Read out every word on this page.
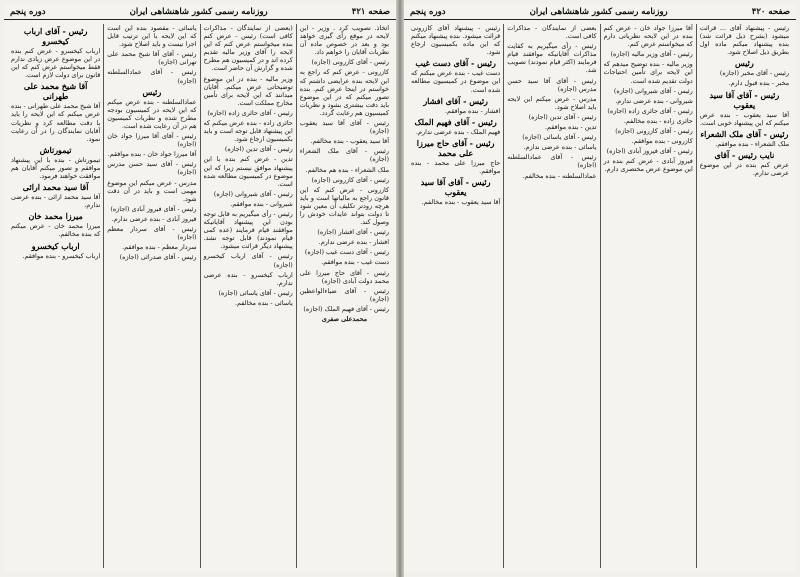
صفحه ۴۲۱
روزنامه رسمی کشور شاهنشاهی ایران
دوره پنجم

اتخاذ. تصویب کرد . وزیر - این لایحه در موقع رأی گیری خواهد بود و بعد در خصوص ماده آن نظریات آقایان را خواهم داد.

رئیس - آقای کازرونی (اجازه)

کازرونی - عرض کنم که راجع به این لایحه بنده عرایضی داشتم که خواستم در اینجا عرض کنم. بنده تصور میکنم که در این موضوع باید دقت بیشتری بشود و نظریات کمیسیون هم رعایت گردد.

رئیس - آقای آقا سید یعقوب (اجازه)

آقا سید یعقوب - بنده مخالفم.

رئیس - آقای ملک الشعراء (اجازه)

ملک الشعراء - بنده هم مخالفم.

رئیس - آقای کازرونی (اجازه)

کازرونی - عرض کنم که این قانون راجع به مالیاتها است و باید هرچه زودتر تکلیف آن معین شود تا دولت بتواند عایدات خودش را وصول کند.

رئیس - آقای افشار (اجازه)

افشار - بنده عرضی ندارم.

رئیس - آقای دست غیب (اجازه)

دست غیب - بنده موافقم.

رئیس - آقای حاج میرزا علی محمد دولت آبادی (اجازه)

رئیس - آقای ضیاءالواعظین (اجازه)

رئیس - آقای فهیم الملک (اجازه)

محمدعلی صفری

(بعضی از نمایندگان - مذاکرات کافی است) رئیس - عرض کنم بنده میخواستم عرض کنم که این لایحه را آقای وزیر مالیه تقدیم کرده اند و در کمیسیون هم مطرح شده و گزارش آن حاضر است.

وزیر مالیه - بنده در این موضوع توضیحاتی عرض میکنم. آقایان میدانند که این لایحه برای تأمین مخارج مملکت است.

رئیس - آقای حائری زاده (اجازه)

حائری زاده - بنده عرض میکنم که این پیشنهاد قابل توجه است و باید بکمیسیون ارجاع شود.

رئیس - آقای تدین (اجازه)

تدین - عرض کنم بنده با این پیشنهاد موافق نیستم زیرا که این موضوع در کمیسیون مطالعه شده است.

رئیس - آقای شیروانی (اجازه)

شیروانی - بنده موافقم.

رئیس - رأی میگیریم به قابل توجه بودن این پیشنهاد آقایانیکه موافقند قیام فرمایند (عده کمی قیام نمودند) قابل توجه نشد. پیشنهاد دیگر قرائت میشود.

رئیس - آقای ارباب کیخسرو (اجازه)

ارباب کیخسرو - بنده عرضی ندارم.

رئیس - آقای یاسائی (اجازه)

یاسائی - بنده مخالفم.

یاسائی - مقصود بنده این است که این لایحه با این ترتیب قابل اجرا نیست و باید اصلاح شود.

رئیس - آقای آقا شیخ محمد علی تهرانی (اجازه)

رئیس - آقای عمادالسلطنه (اجازه)

رئیس

عمادالسلطنه - بنده عرض میکنم که این لایحه در کمیسیون بودجه مطرح شده و نظریات کمیسیون هم در آن رعایت شده است.

رئیس - آقای آقا میرزا جواد خان (اجازه)

آقا میرزا جواد خان - بنده موافقم.

رئیس - آقای سید حسن مدرس (اجازه)

مدرس - عرض میکنم این موضوع مهمی است و باید در آن دقت شود.

رئیس - آقای فیروز آبادی (اجازه)

فیروز آبادی - بنده عرضی ندارم.

رئیس - آقای سردار معظم (اجازه)

سردار معظم - بنده موافقم.

رئیس - آقای صدرائی (اجازه)

رئیس - آقای ارباب کیخسرو

ارباب کیخسرو - عرض کنم بنده در این موضوع عرض زیادی ندارم فقط میخواستم عرض کنم که این قانون برای دولت لازم است.

آقا شیخ محمد علی طهرانی

آقا شیخ محمد علی طهرانی - بنده عرض میکنم که این لایحه را باید با دقت مطالعه کرد و نظریات آقایان نمایندگان را در آن رعایت نمود.

تیمورتاش

تیمورتاش - بنده با این پیشنهاد موافقم و تصور میکنم آقایان هم موافقت خواهند فرمود.

آقا سید محمد ارائی

آقا سید محمد ارائی - بنده عرضی ندارم.

میرزا محمد خان

میرزا محمد خان - عرض میکنم که بنده مخالفم.

ارباب کیخسرو

ارباب کیخسرو - بنده موافقم.

صفحه ۴۲۰
روزنامه رسمی کشور شاهنشاهی ایران
دوره پنجم

رئیس - پیشنهاد آقای ... قرائت میشود (بشرح ذیل قرائت شد) بنده پیشنهاد میکنم ماده اول بطریق ذیل اصلاح شود.

رئیس

رئیس - آقای مخبر (اجازه)

مخبر - بنده قبول دارم.

رئیس - آقای آقا سید یعقوب

آقا سید یعقوب - بنده عرض میکنم که این پیشنهاد خوبی است.

رئیس - آقای ملک الشعراء

ملک الشعراء - بنده موافقم.

نایب رئیس - آقای

عرض کنم بنده در این موضوع عرضی ندارم.

آقا میرزا جواد خان - عرض کنم بنده در این لایحه نظریاتی دارم که میخواستم عرض کنم.

رئیس - آقای وزیر مالیه (اجازه)

وزیر مالیه - بنده توضیح میدهم که این لایحه برای تأمین احتیاجات دولت تقدیم شده است.

رئیس - آقای شیروانی (اجازه)

شیروانی - بنده عرضی ندارم.

رئیس - آقای حائری زاده (اجازه)

حائری زاده - بنده مخالفم.

رئیس - آقای کازرونی (اجازه)

کازرونی - بنده موافقم.

رئیس - آقای فیروز آبادی (اجازه)

فیروز آبادی - عرض کنم بنده در این موضوع عرض مختصری دارم.

بعضی از نمایندگان - مذاکرات کافی است.

رئیس - رأی میگیریم به کفایت مذاکرات آقایانیکه موافقند قیام فرمایند (اکثر قیام نمودند) تصویب شد.

رئیس - آقای آقا سید حسن مدرس (اجازه)

مدرس - عرض میکنم این لایحه باید اصلاح شود.

رئیس - آقای تدین (اجازه)

تدین - بنده موافقم.

رئیس - آقای یاسائی (اجازه)

یاسائی - بنده عرضی ندارم.

رئیس - آقای عمادالسلطنه (اجازه)

عمادالسلطنه - بنده مخالفم.

رئیس - پیشنهاد آقای کازرونی قرائت میشود. بنده پیشنهاد میکنم که این ماده بکمیسیون ارجاع شود.

رئیس - آقای دست غیب

دست غیب - بنده عرض میکنم که این موضوع در کمیسیون مطالعه شده است.

رئیس - آقای افشار

افشار - بنده موافقم.

رئیس - آقای فهیم الملک

فهیم الملک - بنده عرضی ندارم.

رئیس - آقای حاج میرزا علی محمد

حاج میرزا علی محمد - بنده موافقم.

رئیس - آقای آقا سید یعقوب

آقا سید یعقوب - بنده مخالفم.
